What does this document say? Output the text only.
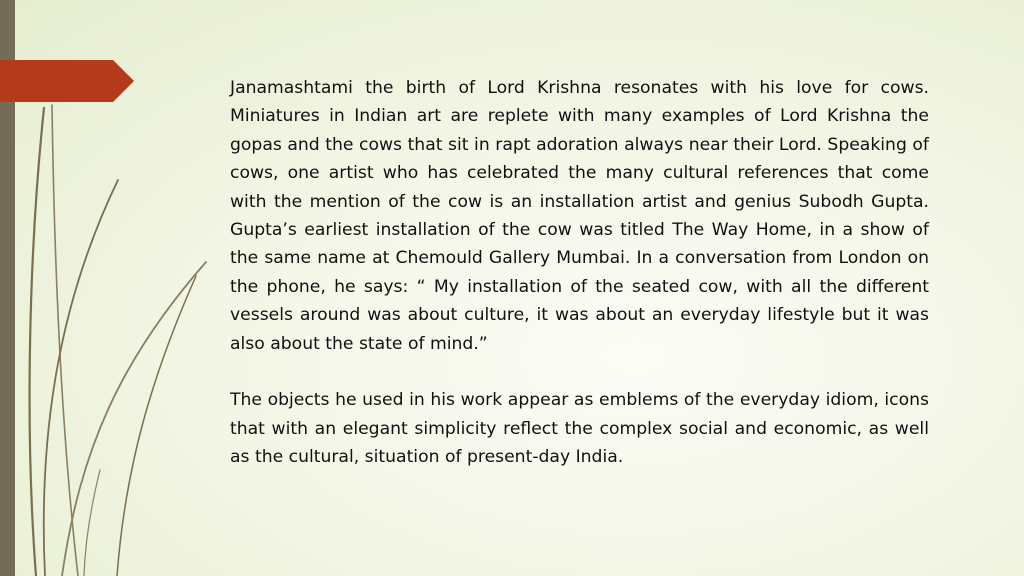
Janamashtami the birth of Lord Krishna resonates with his love for cows. Miniatures in Indian art are replete with many examples of Lord Krishna the gopas and the cows that sit in rapt adoration always near their Lord. Speaking of cows, one artist who has celebrated the many cultural references that come with the mention of the cow is an installation artist and genius Subodh Gupta. Gupta’s earliest installation of the cow was titled The Way Home, in a show of the same name at Chemould Gallery Mumbai. In a conversation from London on the phone, he says: “ My installation of the seated cow, with all the different vessels around was about culture, it was about an everyday lifestyle but it was also about the state of mind.”

The objects he used in his work appear as emblems of the everyday idiom, icons that with an elegant simplicity reflect the complex social and economic, as well as the cultural, situation of present-day India.
